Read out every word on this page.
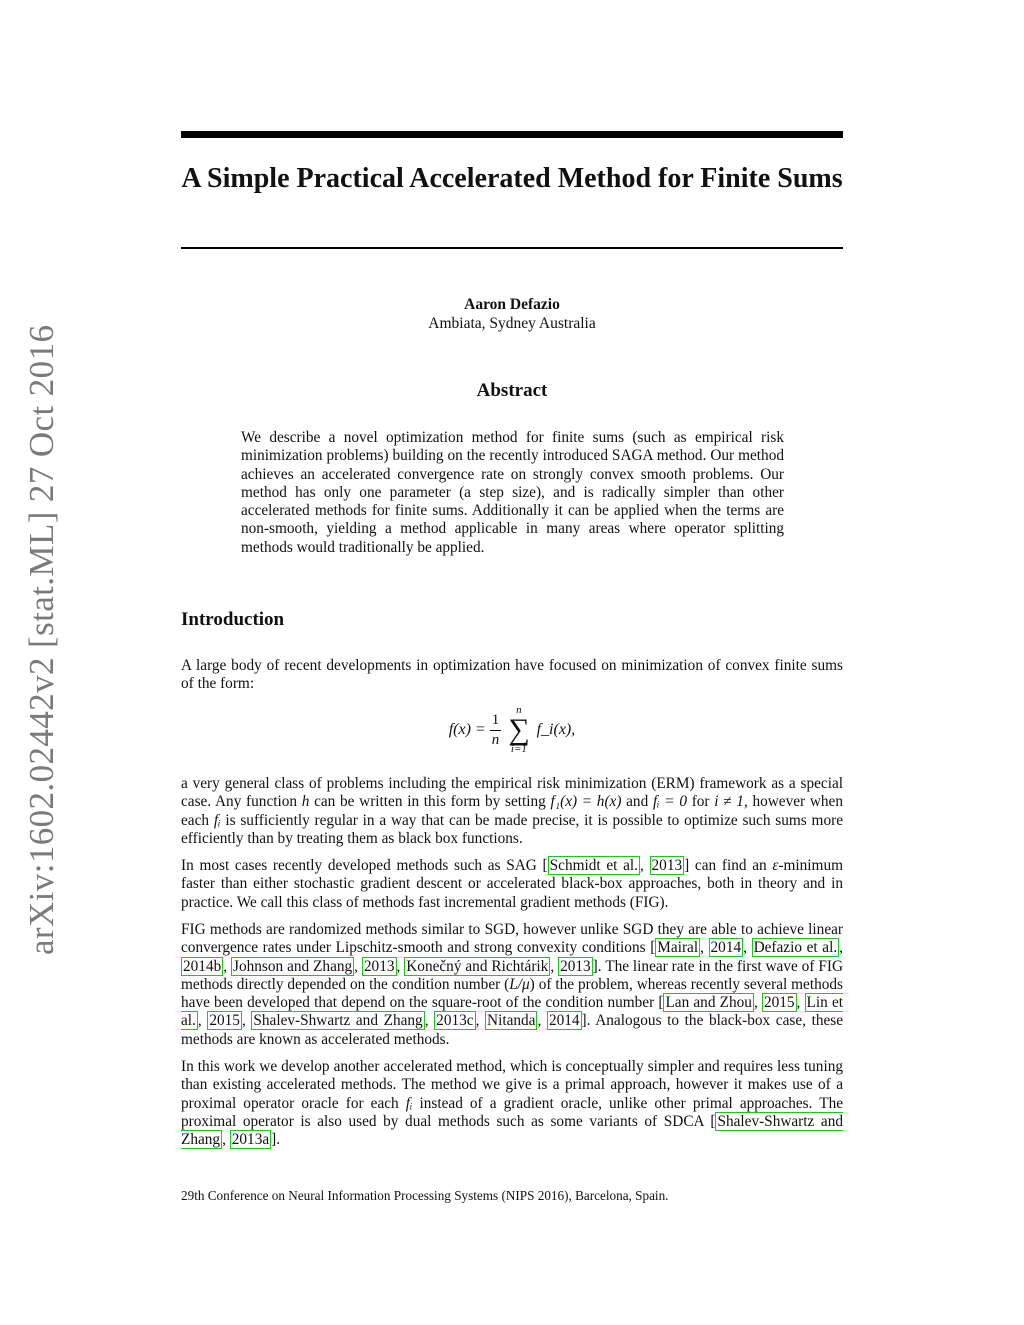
arXiv:1602.02442v2 [stat.ML] 27 Oct 2016
A Simple Practical Accelerated Method for Finite Sums
Aaron Defazio
Ambiata, Sydney Australia
Abstract

We describe a novel optimization method for finite sums (such as empirical risk minimization problems) building on the recently introduced SAGA method. Our method achieves an accelerated convergence rate on strongly convex smooth problems. Our method has only one parameter (a step size), and is radically simpler than other accelerated methods for finite sums. Additionally it can be applied when the terms are non-smooth, yielding a method applicable in many areas where operator splitting methods would traditionally be applied.

Introduction

A large body of recent developments in optimization have focused on minimization of convex finite sums of the form:

$f(x) = \frac{1}{n}$
n
∑
i=1
f_i(x),

a very general class of problems including the empirical risk minimization (ERM) framework as a special case. Any function h can be written in this form by setting f₁(x) = h(x) and fᵢ = 0 for i ≠ 1, however when each fᵢ is sufficiently regular in a way that can be made precise, it is possible to optimize such sums more efficiently than by treating them as black box functions.

In most cases recently developed methods such as SAG [ Schmidt et al. , 2013 ] can find an ε-minimum faster than either stochastic gradient descent or accelerated black-box approaches, both in theory and in practice. We call this class of methods fast incremental gradient methods (FIG).

FIG methods are randomized methods similar to SGD, however unlike SGD they are able to achieve linear convergence rates under Lipschitz-smooth and strong convexity conditions [ Mairal , 2014 , Defazio et al. , 2014b , Johnson and Zhang , 2013 , Konečný and Richtárik , 2013 ]. The linear rate in the first wave of FIG methods directly depended on the condition number (L/μ) of the problem, whereas recently several methods have been developed that depend on the square-root of the condition number [ Lan and Zhou , 2015 , Lin et al. , 2015 , Shalev-Shwartz and Zhang , 2013c , Nitanda , 2014 ]. Analogous to the black-box case, these methods are known as accelerated methods.

In this work we develop another accelerated method, which is conceptually simpler and requires less tuning than existing accelerated methods. The method we give is a primal approach, however it makes use of a proximal operator oracle for each fᵢ instead of a gradient oracle, unlike other primal approaches. The proximal operator is also used by dual methods such as some variants of SDCA [ Shalev-Shwartz and Zhang , 2013a ].

29th Conference on Neural Information Processing Systems (NIPS 2016), Barcelona, Spain.
